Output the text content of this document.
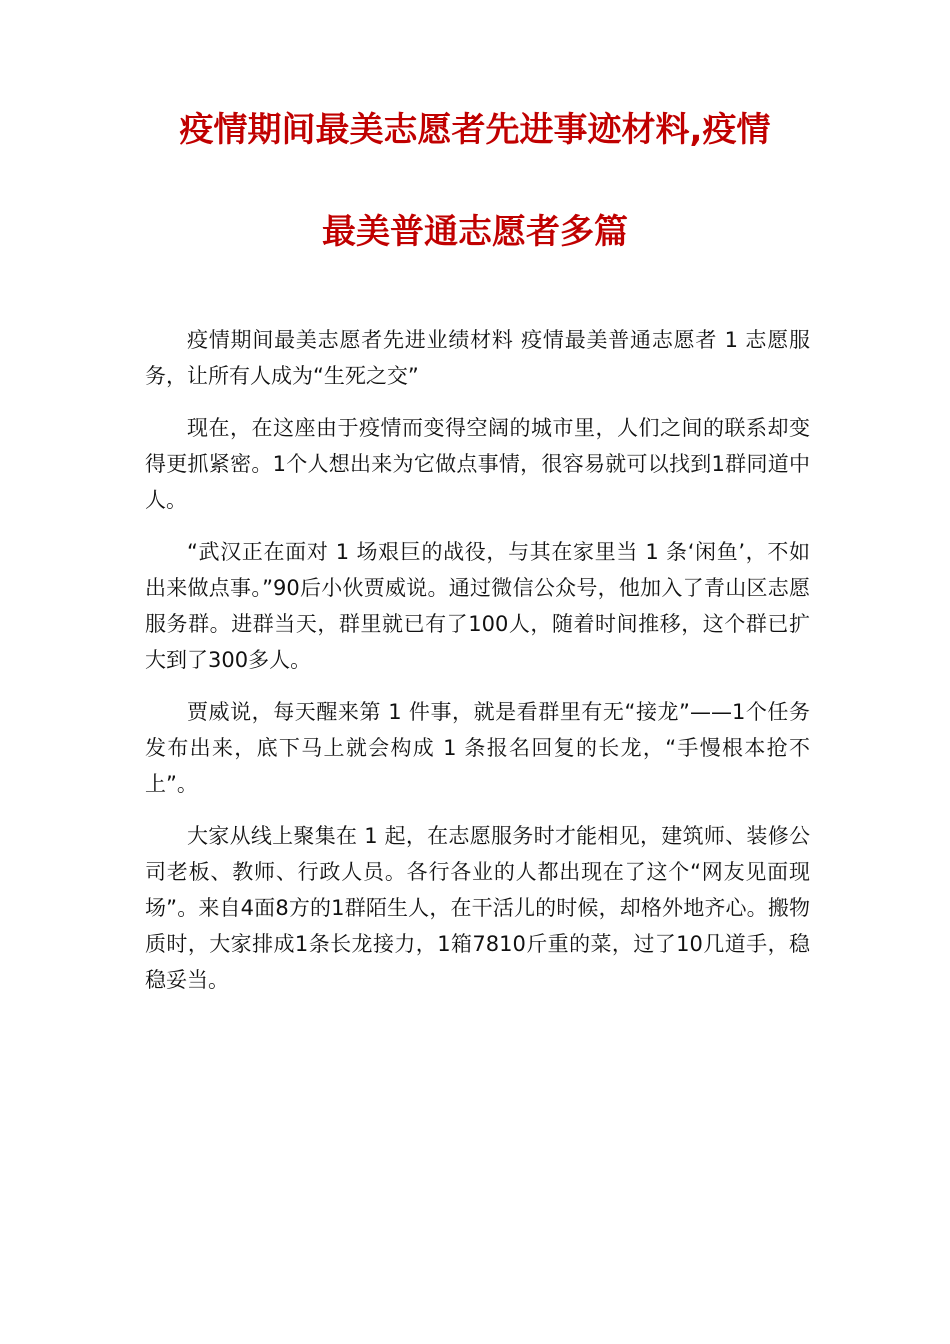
疫情期间最美志愿者先进事迹材料,疫情
最美普通志愿者多篇

疫情期间最美志愿者先进业绩材料 疫情最美普通志愿者 1 志愿服务，让所有人成为“生死之交”

现在，在这座由于疫情而变得空阔的城市里，人们之间的联系却变得更抓紧密。1个人想出来为它做点事情，很容易就可以找到1群同道中人。

“武汉正在面对 1 场艰巨的战役，与其在家里当 1 条‘闲鱼’，不如出来做点事。”90后小伙贾威说。通过微信公众号，他加入了青山区志愿服务群。进群当天，群里就已有了100人，随着时间推移，这个群已扩大到了300多人。

贾威说，每天醒来第 1 件事，就是看群里有无“接龙”——1个任务发布出来，底下马上就会构成 1 条报名回复的长龙，“手慢根本抢不上”。

大家从线上聚集在 1 起，在志愿服务时才能相见，建筑师、装修公司老板、教师、行政人员。各行各业的人都出现在了这个“网友见面现场”。来自4面8方的1群陌生人，在干活儿的时候，却格外地齐心。搬物质时，大家排成1条长龙接力，1箱7810斤重的菜，过了10几道手，稳稳妥当。
